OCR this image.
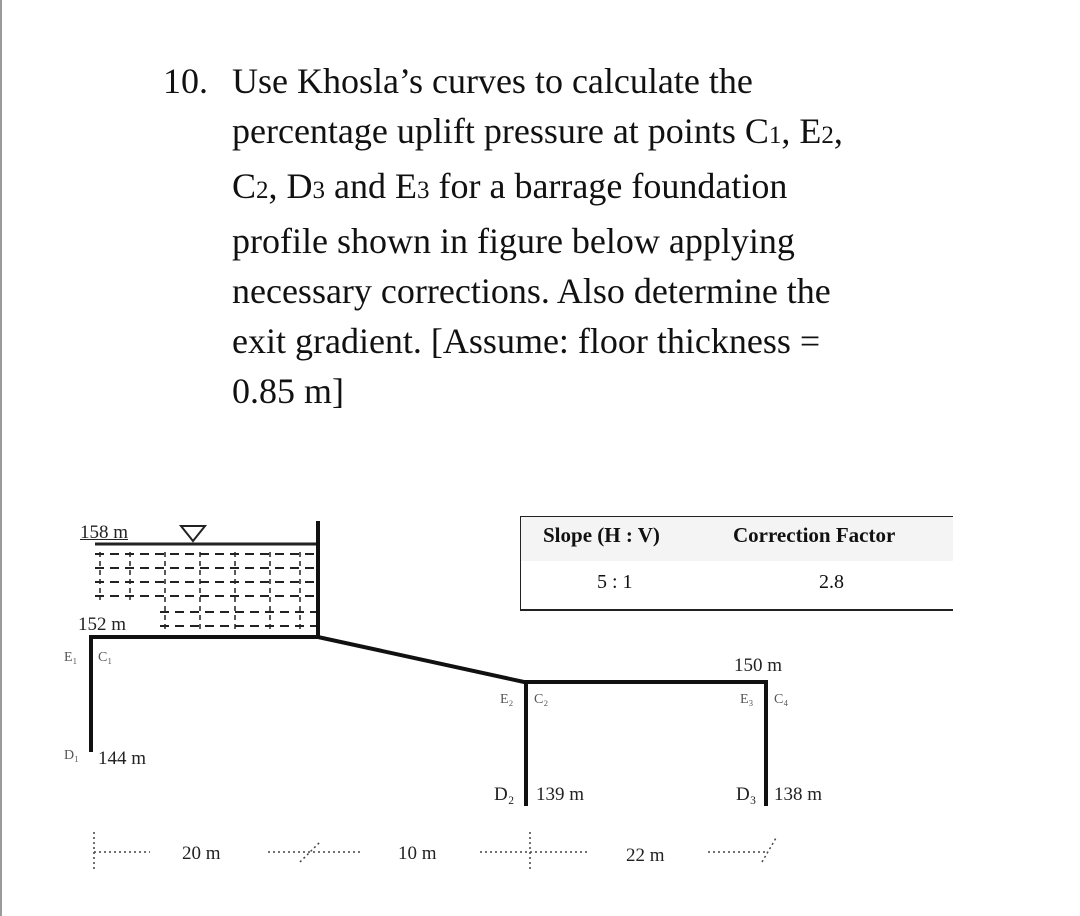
10. Use Khosla’s curves to calculate the
percentage uplift pressure at points C1, E2,
C2, D3 and E3 for a barrage foundation
profile shown in figure below applying
necessary corrections. Also determine the
exit gradient. [Assume: floor thickness =
0.85 m]
158 m
152 m
150 m
144 m
139 m	138 m
E₁ C₁
D₁
E₂ C₂
D₂
E₃ C₄
D₃
20 m	10 m	22 m
Slope (H : V)	Correction Factor
5 : 1	2.8
